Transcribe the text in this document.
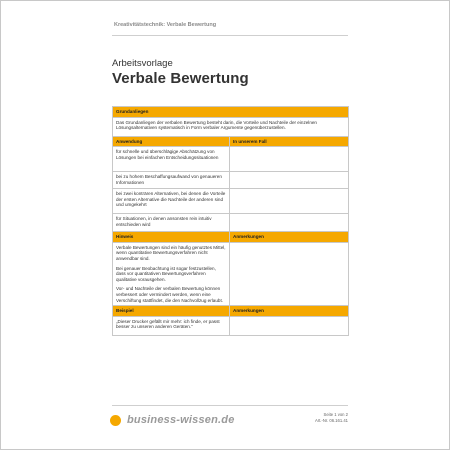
Kreativitätstechnik: Verbale Bewertung
Arbeitsvorlage
Verbale Bewertung
Grundanliegen	
Das Grundanliegen der verbalen Bewertung besteht darin, die Vorteile und Nachteile der einzelnen Lösungsalternativen systematisch in Form verbaler Argumente gegenüberzustellen.	
Anwendung	In unserem Fall
für schnelle und überschlägige Abschätzung von Lösungen bei einfachen Entscheidungssituationen	
bei zu hohem Beschaffungsaufwand von genaueren Informationen	
bei zwei konträren Alternativen, bei denen die Vorteile der ersten Alternative die Nachteile der anderen sind und umgekehrt	
für Situationen, in denen ansonsten rein intuitiv entschieden wird	
Hinweis	Anmerkungen

Verbale Bewertungen sind ein häufig genutztes Mittel, wenn quantitative Bewertungsverfahren nicht anwendbar sind.

Bei genauer Beobachtung ist sogar festzustellen, dass vor quantitativen Bewertungsverfahren qualitative vorausgehen.

Vor- und Nachteile der verbalen Bewertung können verbessert oder vermindert werden, wenn eine Verschiftung stattfindet, die den Nachvollzug erlaubt.	

Beispiel	Anmerkungen
„Dieser Drucker gefällt mir mehr: ich finde, er passt besser zu unseren anderen Geräten.“	
business-wissen.de	Seite 1 von 2
Art.-Nr. 06.161.41
